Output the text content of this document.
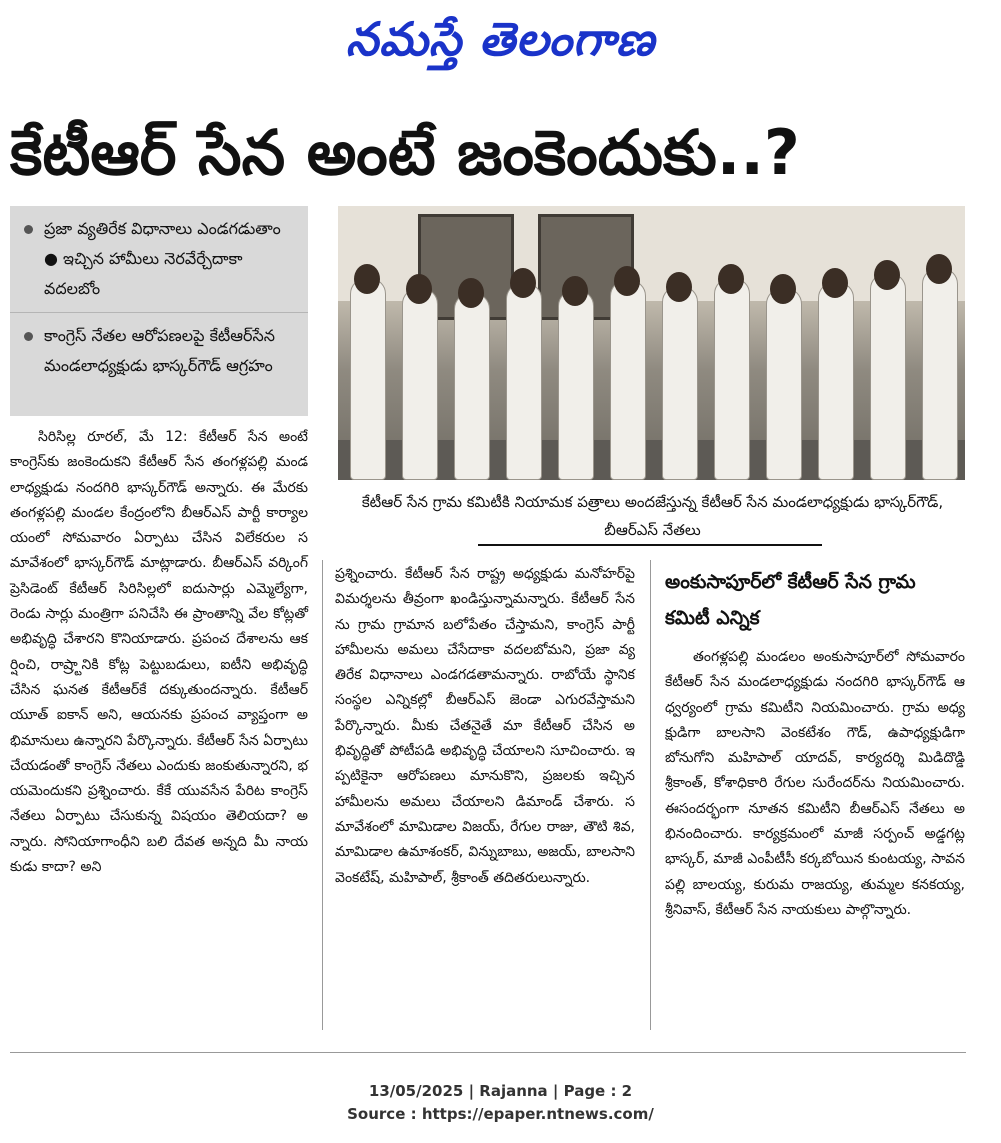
నమస్తే తెలంగాణ
కేటీఆర్ సేన అంటే జంకెందుకు..?
ప్రజా వ్యతిరేక విధానాలు ఎండగడుతాం ● ఇచ్చిన హామీలు నెరవేర్చేదాకా వదలబోం
కాంగ్రెస్ నేతల ఆరోపణలపై కేటీఆర్‌సేన మండలాధ్యక్షుడు భాస్కర్‌గౌడ్ ఆగ్రహం
కేటీఆర్ సేన గ్రామ కమిటీకి నియామక పత్రాలు అందజేస్తున్న కేటీఆర్ సేన మండలాధ్యక్షుడు భాస్కర్‌గౌడ్, బీఆర్‌ఎస్ నేతలు
సిరిసిల్ల రూరల్, మే 12: కేటీఆర్ సేన అంటే కాంగ్రెస్‌కు జంకెందుకని కేటీఆర్ సేన తంగళ్లపల్లి మండలాధ్యక్షుడు నందగిరి భాస్కర్‌గౌడ్ అన్నారు. ఈ మేరకు తంగళ్లపల్లి మండల కేంద్రంలోని బీఆర్‌ఎస్ పార్టీ కార్యాలయంలో సోమవారం ఏర్పాటు చేసిన విలేకరుల సమావేశంలో భాస్కర్‌గౌడ్ మాట్లాడారు. బీఆర్‌ఎస్ వర్కింగ్ ప్రెసిడెంట్ కేటీఆర్ సిరిసిల్లలో ఐదుసార్లు ఎమ్మెల్యేగా, రెండు సార్లు మంత్రిగా పనిచేసి ఈ ప్రాంతాన్ని వేల కోట్లతో అభివృద్ధి చేశారని కొనియాడారు. ప్రపంచ దేశాలను ఆకర్షించి, రాష్ర్టానికి కోట్ల పెట్టుబడులు, ఐటీని అభివృద్ధి చేసిన ఘనత కేటీఆర్‌కే దక్కుతుందన్నారు. కేటీఆర్ యూత్ ఐకాన్ అని, ఆయనకు ప్రపంచ వ్యాప్తంగా అభిమానులు ఉన్నారని పేర్కొన్నారు. కేటీఆర్ సేన ఏర్పాటు చేయడంతో కాంగ్రెస్ నేతలు ఎందుకు జంకుతున్నారని, భయమెందుకని ప్రశ్నించారు. కేకే యువసేన పేరిట కాంగ్రెస్ నేతలు ఏర్పాటు చేసుకున్న విషయం తెలియదా? అన్నారు. సోనియాగాంధీని బలి దేవత అన్నది మీ నాయకుడు కాదా? అని
ప్రశ్నించారు. కేటీఆర్ సేన రాష్ట్ర అధ్యక్షుడు మనోహర్‌పై విమర్శలను తీవ్రంగా ఖండిస్తున్నామన్నారు. కేటీఆర్ సేనను గ్రామ గ్రామాన బలోపేతం చేస్తామని, కాంగ్రెస్ పార్టీ హామీలను అమలు చేసేదాకా వదలబోమని, ప్రజా వ్యతిరేక విధానాలు ఎండగడతామన్నారు. రాబోయే స్థానిక సంస్థల ఎన్నికల్లో బీఆర్‌ఎస్ జెండా ఎగురవేస్తామని పేర్కొన్నారు. మీకు చేతనైతే మా కేటీఆర్ చేసిన అభివృద్ధితో పోటీపడి అభివృద్ధి చేయాలని సూచించారు. ఇప్పటికైనా ఆరోపణలు మానుకొని, ప్రజలకు ఇచ్చిన హామీలను అమలు చేయాలని డిమాండ్ చేశారు. సమావేశంలో మామిడాల విజయ్, రేగుల రాజు, తౌటి శివ, మామిడాల ఉమాశంకర్, విన్నుబాబు, అజయ్, బాలసాని వెంకటేష్, మహిపాల్, శ్రీకాంత్ తదితరులున్నారు.
అంకుసాపూర్‌లో కేటీఆర్ సేన గ్రామ కమిటీ ఎన్నిక
తంగళ్లపల్లి మండలం అంకుసాపూర్‌లో సోమవారం కేటీఆర్ సేన మండలాధ్యక్షుడు నందగిరి భాస్కర్‌గౌడ్ ఆధ్వర్యంలో గ్రామ కమిటీని నియమించారు. గ్రామ అధ్యక్షుడిగా బాలసాని వెంకటేశం గౌడ్, ఉపాధ్యక్షుడిగా బోనుగోని మహిపాల్ యాదవ్, కార్యదర్శి మిడిదొడ్డి శ్రీకాంత్, కోశాధికారి రేగుల సురేందర్‌ను నియమించారు. ఈసందర్భంగా నూతన కమిటీని బీఆర్‌ఎస్ నేతలు అభినందించారు. కార్యక్రమంలో మాజీ సర్పంచ్ అడ్డగట్ల భాస్కర్, మాజీ ఎంపీటీసీ కర్కబోయిన కుంటయ్య, సావనపల్లి బాలయ్య, కురుమ రాజయ్య, తుమ్మల కనకయ్య, శ్రీనివాస్, కేటీఆర్ సేన నాయకులు పాల్గొన్నారు.
13/05/2025 | Rajanna | Page : 2
Source : https://epaper.ntnews.com/
